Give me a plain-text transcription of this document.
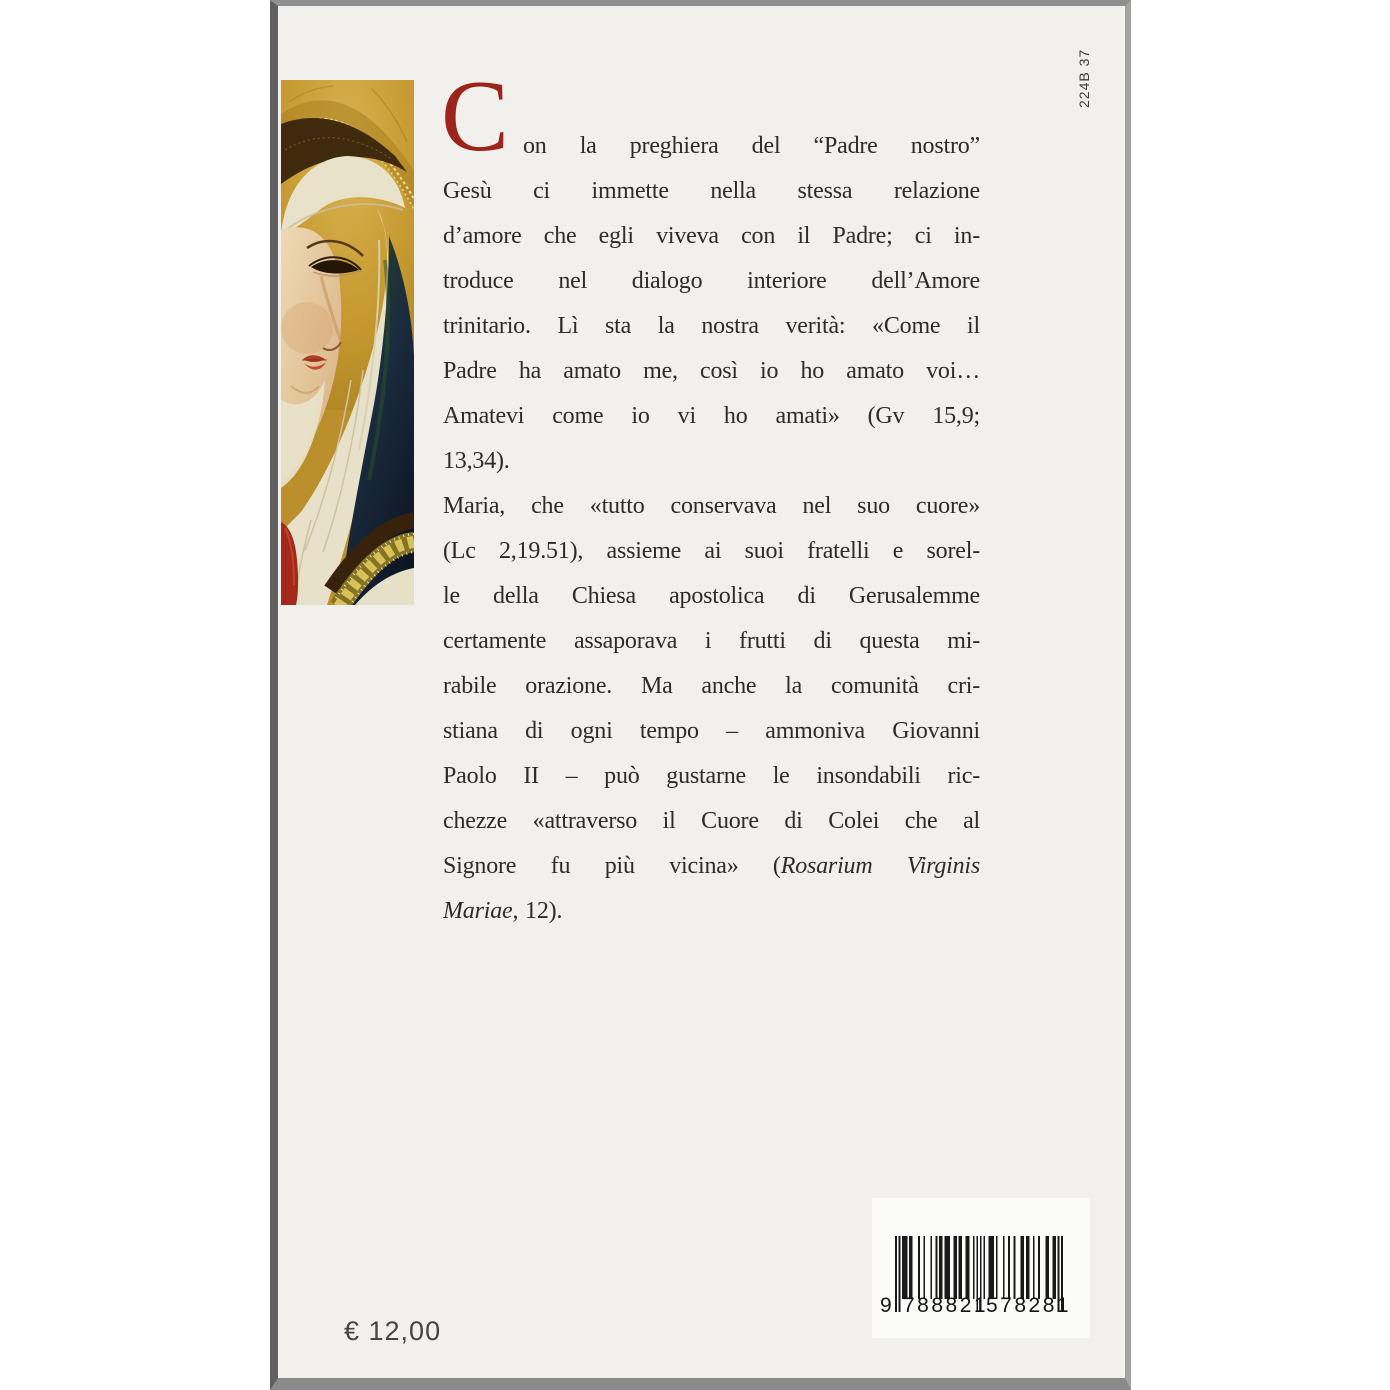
224B 37
C on la preghiera del “Padre nostro”
Gesù ci immette nella stessa relazione
d’amore che egli viveva con il Padre; ci in-
troduce nel dialogo interiore dell’Amore
trinitario. Lì sta la nostra verità: «Come il
Padre ha amato me, così io ho amato voi…
Amatevi come io vi ho amati» (Gv 15,9;
13,34).
Maria, che «tutto conservava nel suo cuore»
(Lc 2,19.51), assieme ai suoi fratelli e sorel-
le della Chiesa apostolica di Gerusalemme
certamente assaporava i frutti di questa mi-
rabile orazione. Ma anche la comunità cri-
stiana di ogni tempo – ammoniva Giovanni
Paolo II – può gustarne le insondabili ric-
chezze «attraverso il Cuore di Colei che al
Signore fu più vicina» (Rosarium Virginis
Mariae, 12).
€ 12,00
9 788821
578281
